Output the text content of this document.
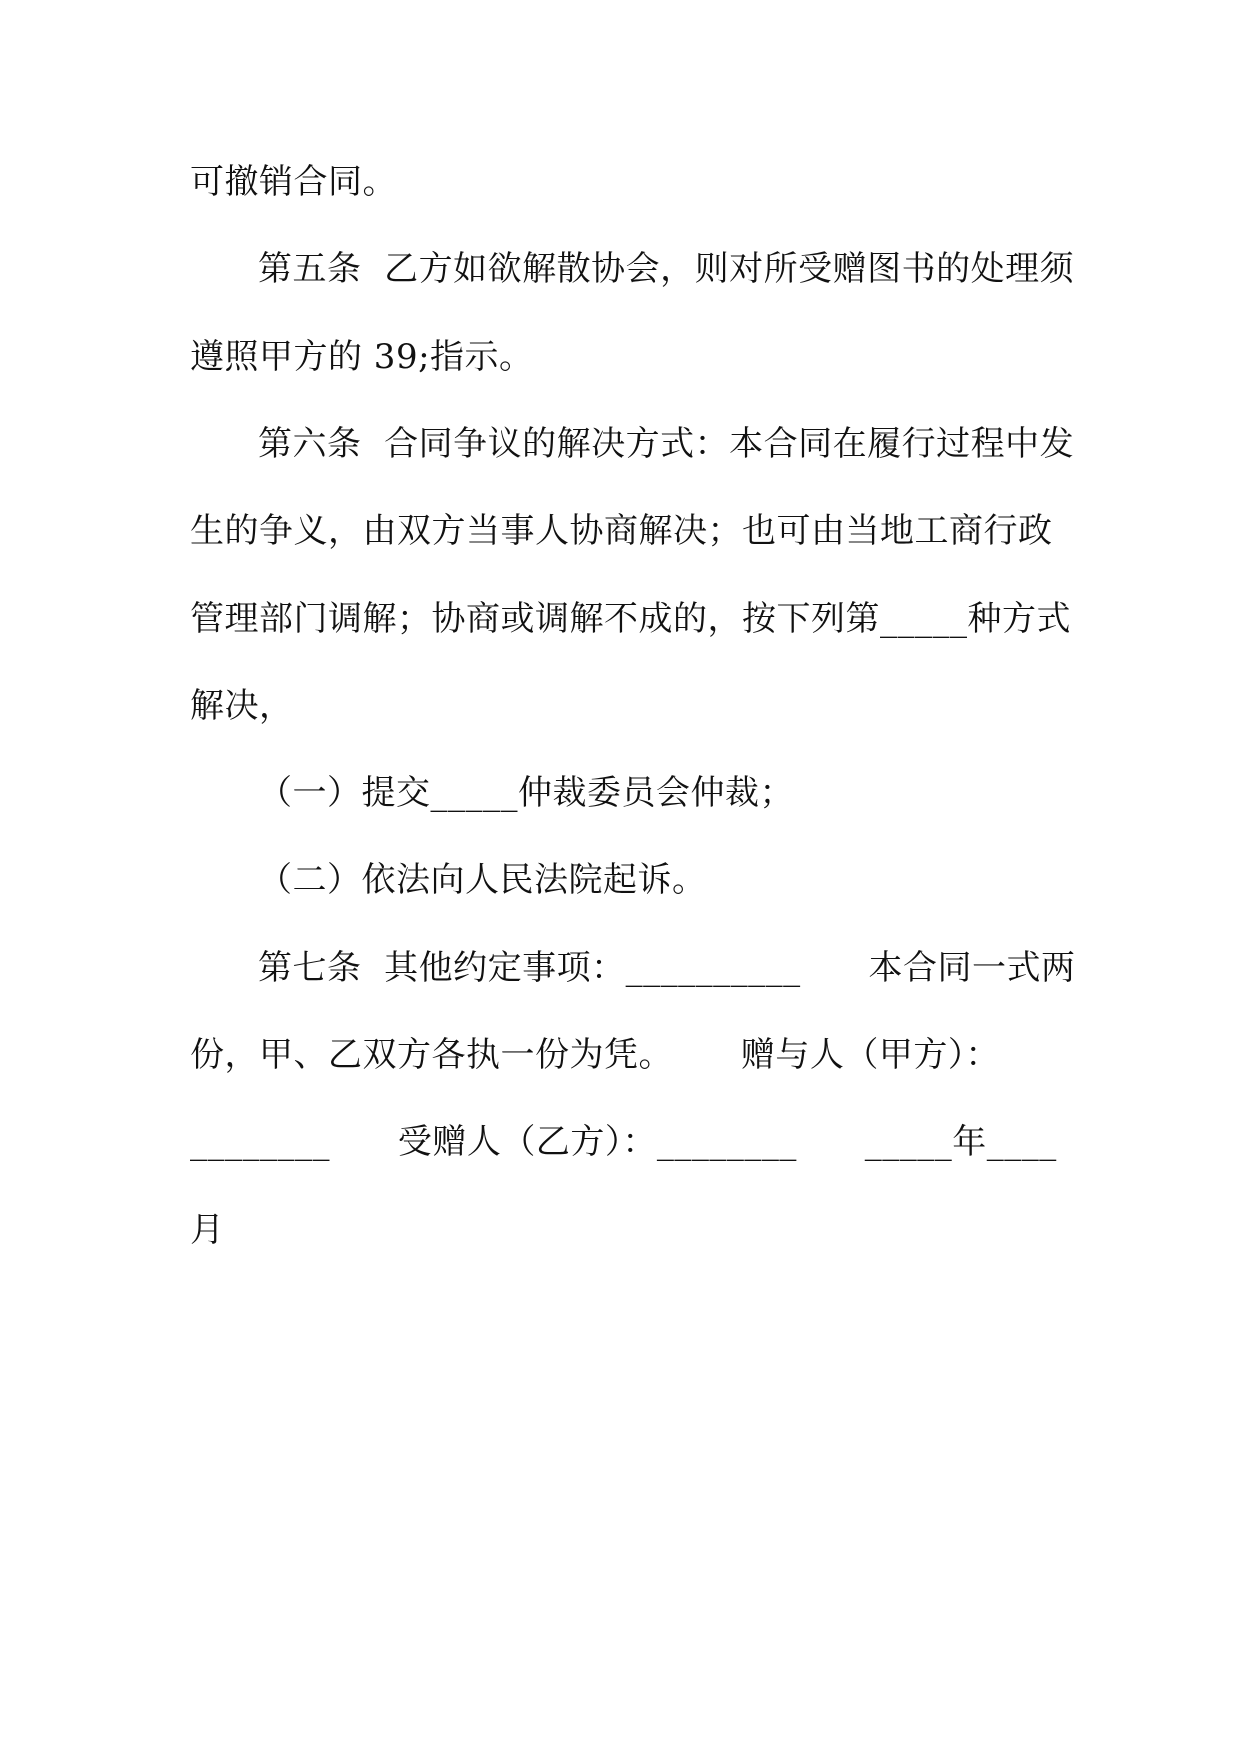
可撤销合同。
第五条  乙方如欲解散协会，则对所受赠图书的处理须
遵照甲方的 39;指示。
第六条  合同争议的解决方式：本合同在履行过程中发
生的争义，由双方当事人协商解决；也可由当地工商行政
管理部门调解；协商或调解不成的，按下列第_____种方式
解决，
（一）提交_____仲裁委员会仲裁；
（二）依法向人民法院起诉。
第七条  其他约定事项：__________      本合同一式两
份，甲、乙双方各执一份为凭。      赠与人（甲方）：
________      受赠人（乙方）：________      _____年____
月
